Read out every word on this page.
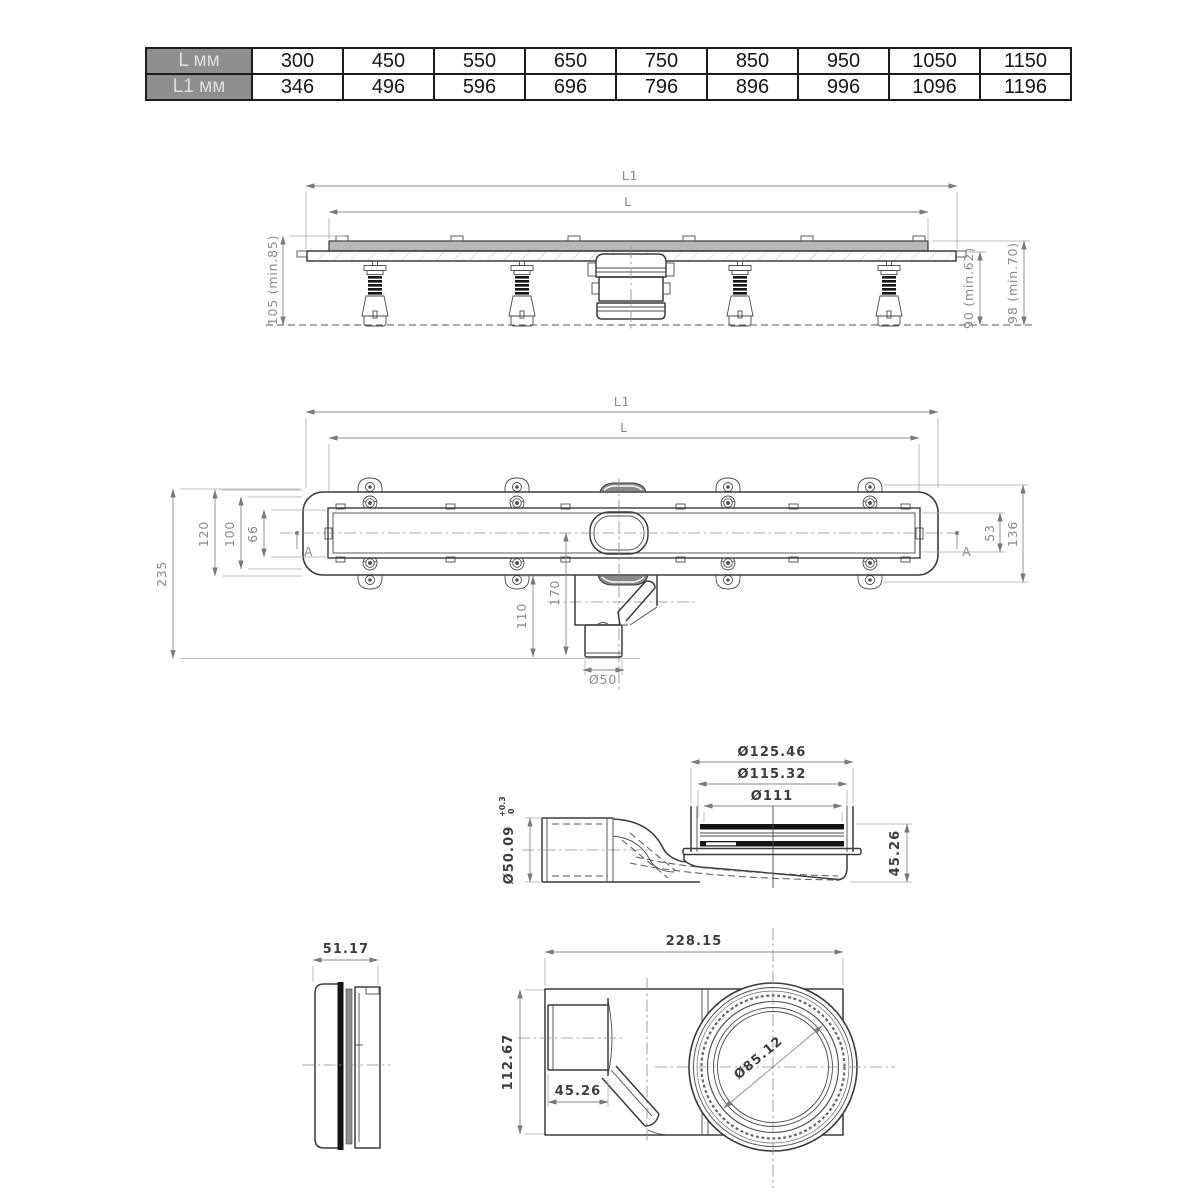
L1
L
105 (min.85)	90 (min.62) 98 (min.70)
L1
L
A	A
235
120 100 66	53 136
170
110
Ø50
Ø125.46
Ø115.32
Ø111
Ø50.09
+0.3 0
45.26
51.17
228.15
112.67	Ø85.12
45.26
L мм	300	450	550	650	750	850	950	1050	1150
L1 мм	346	496	596	696	796	896	996	1096	1196
